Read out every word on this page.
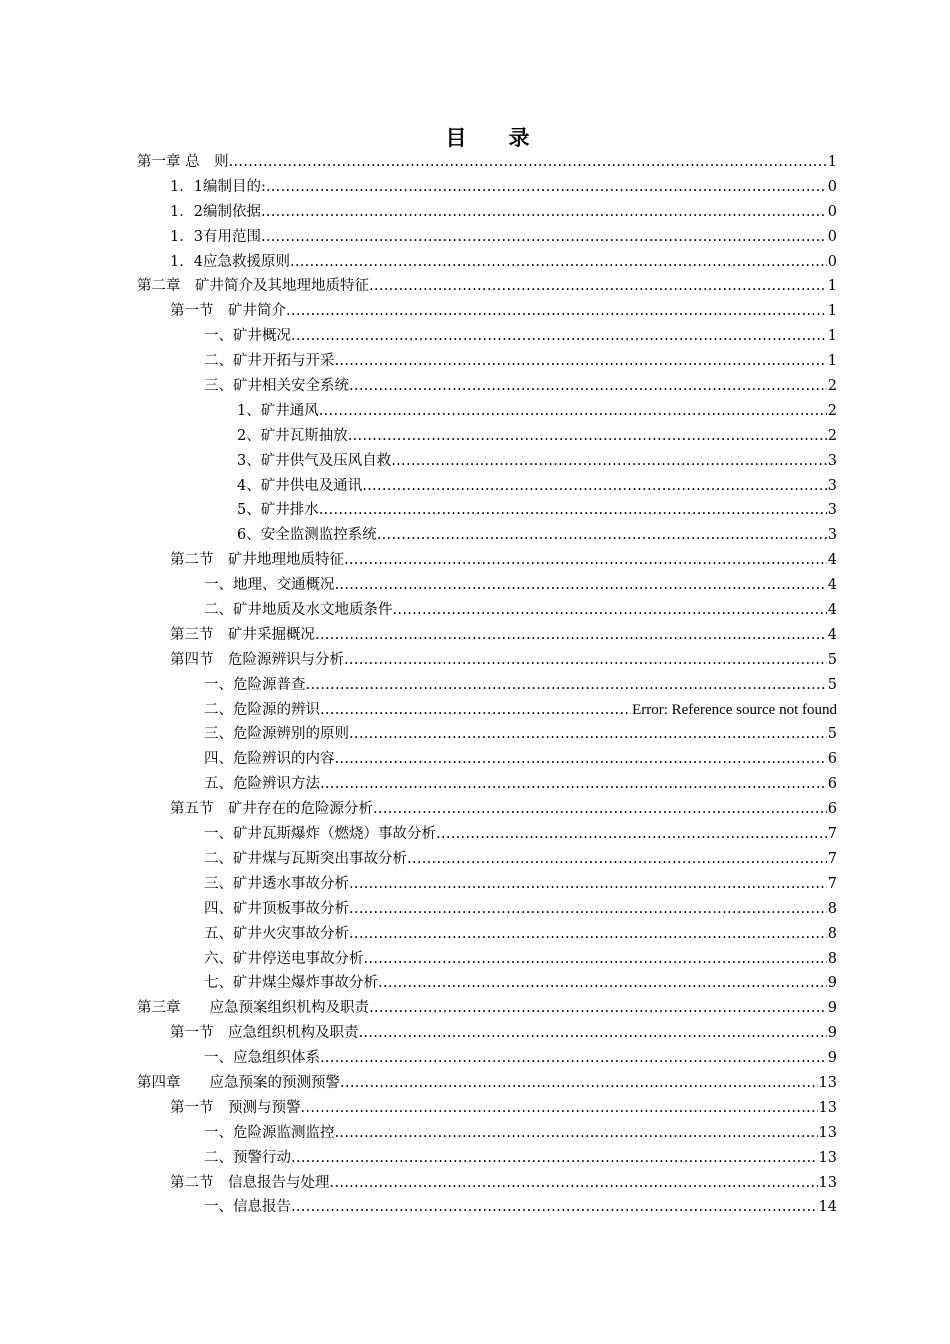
目　　录
第一章 总　则 .....	1
1．1编制目的: .....	0
1．2编制依据 .....	0
1．3有用范围 .....	0
1．4应急救援原则 .....	0
第二章　矿井简介及其地理地质特征 .....	1
第一节　矿井简介 .....	1
一、矿井概况 .....	1
二、矿井开拓与开采 .....	1
三、矿井相关安全系统 .....	2
1、矿井通风 .....	2
2、矿井瓦斯抽放 .....	2
3、矿井供气及压风自救 .....	3
4、矿井供电及通讯 .....	3
5、矿井排水 .....	3
6、安全监测监控系统 .....	3
第二节　矿井地理地质特征 .....	4
一、地理、交通概况 .....	4
二、矿井地质及水文地质条件 .....	4
第三节　矿井采掘概况 .....	4
第四节　危险源辨识与分析 .....	5
一、危险源普查 .....	5
二、危险源的辨识 .....	Error: Reference source not found
三、危险源辨别的原则 .....	5
四、危险辨识的内容 .....	6
五、危险辨识方法 .....	6
第五节　矿井存在的危险源分析 .....	6
一、矿井瓦斯爆炸（燃烧）事故分析 .....	7
二、矿井煤与瓦斯突出事故分析 .....	7
三、矿井透水事故分析 .....	7
四、矿井顶板事故分析 .....	8
五、矿井火灾事故分析 .....	8
六、矿井停送电事故分析 .....	8
七、矿井煤尘爆炸事故分析 .....	9
第三章　　应急预案组织机构及职责 .....	9
第一节　应急组织机构及职责 .....	9
一、应急组织体系 .....	9
第四章　　应急预案的预测预警 .....	13
第一节　预测与预警 .....	13
一、危险源监测监控 .....	13
二、预警行动 .....	13
第二节　信息报告与处理 .....	13
一、信息报告 .....	14
